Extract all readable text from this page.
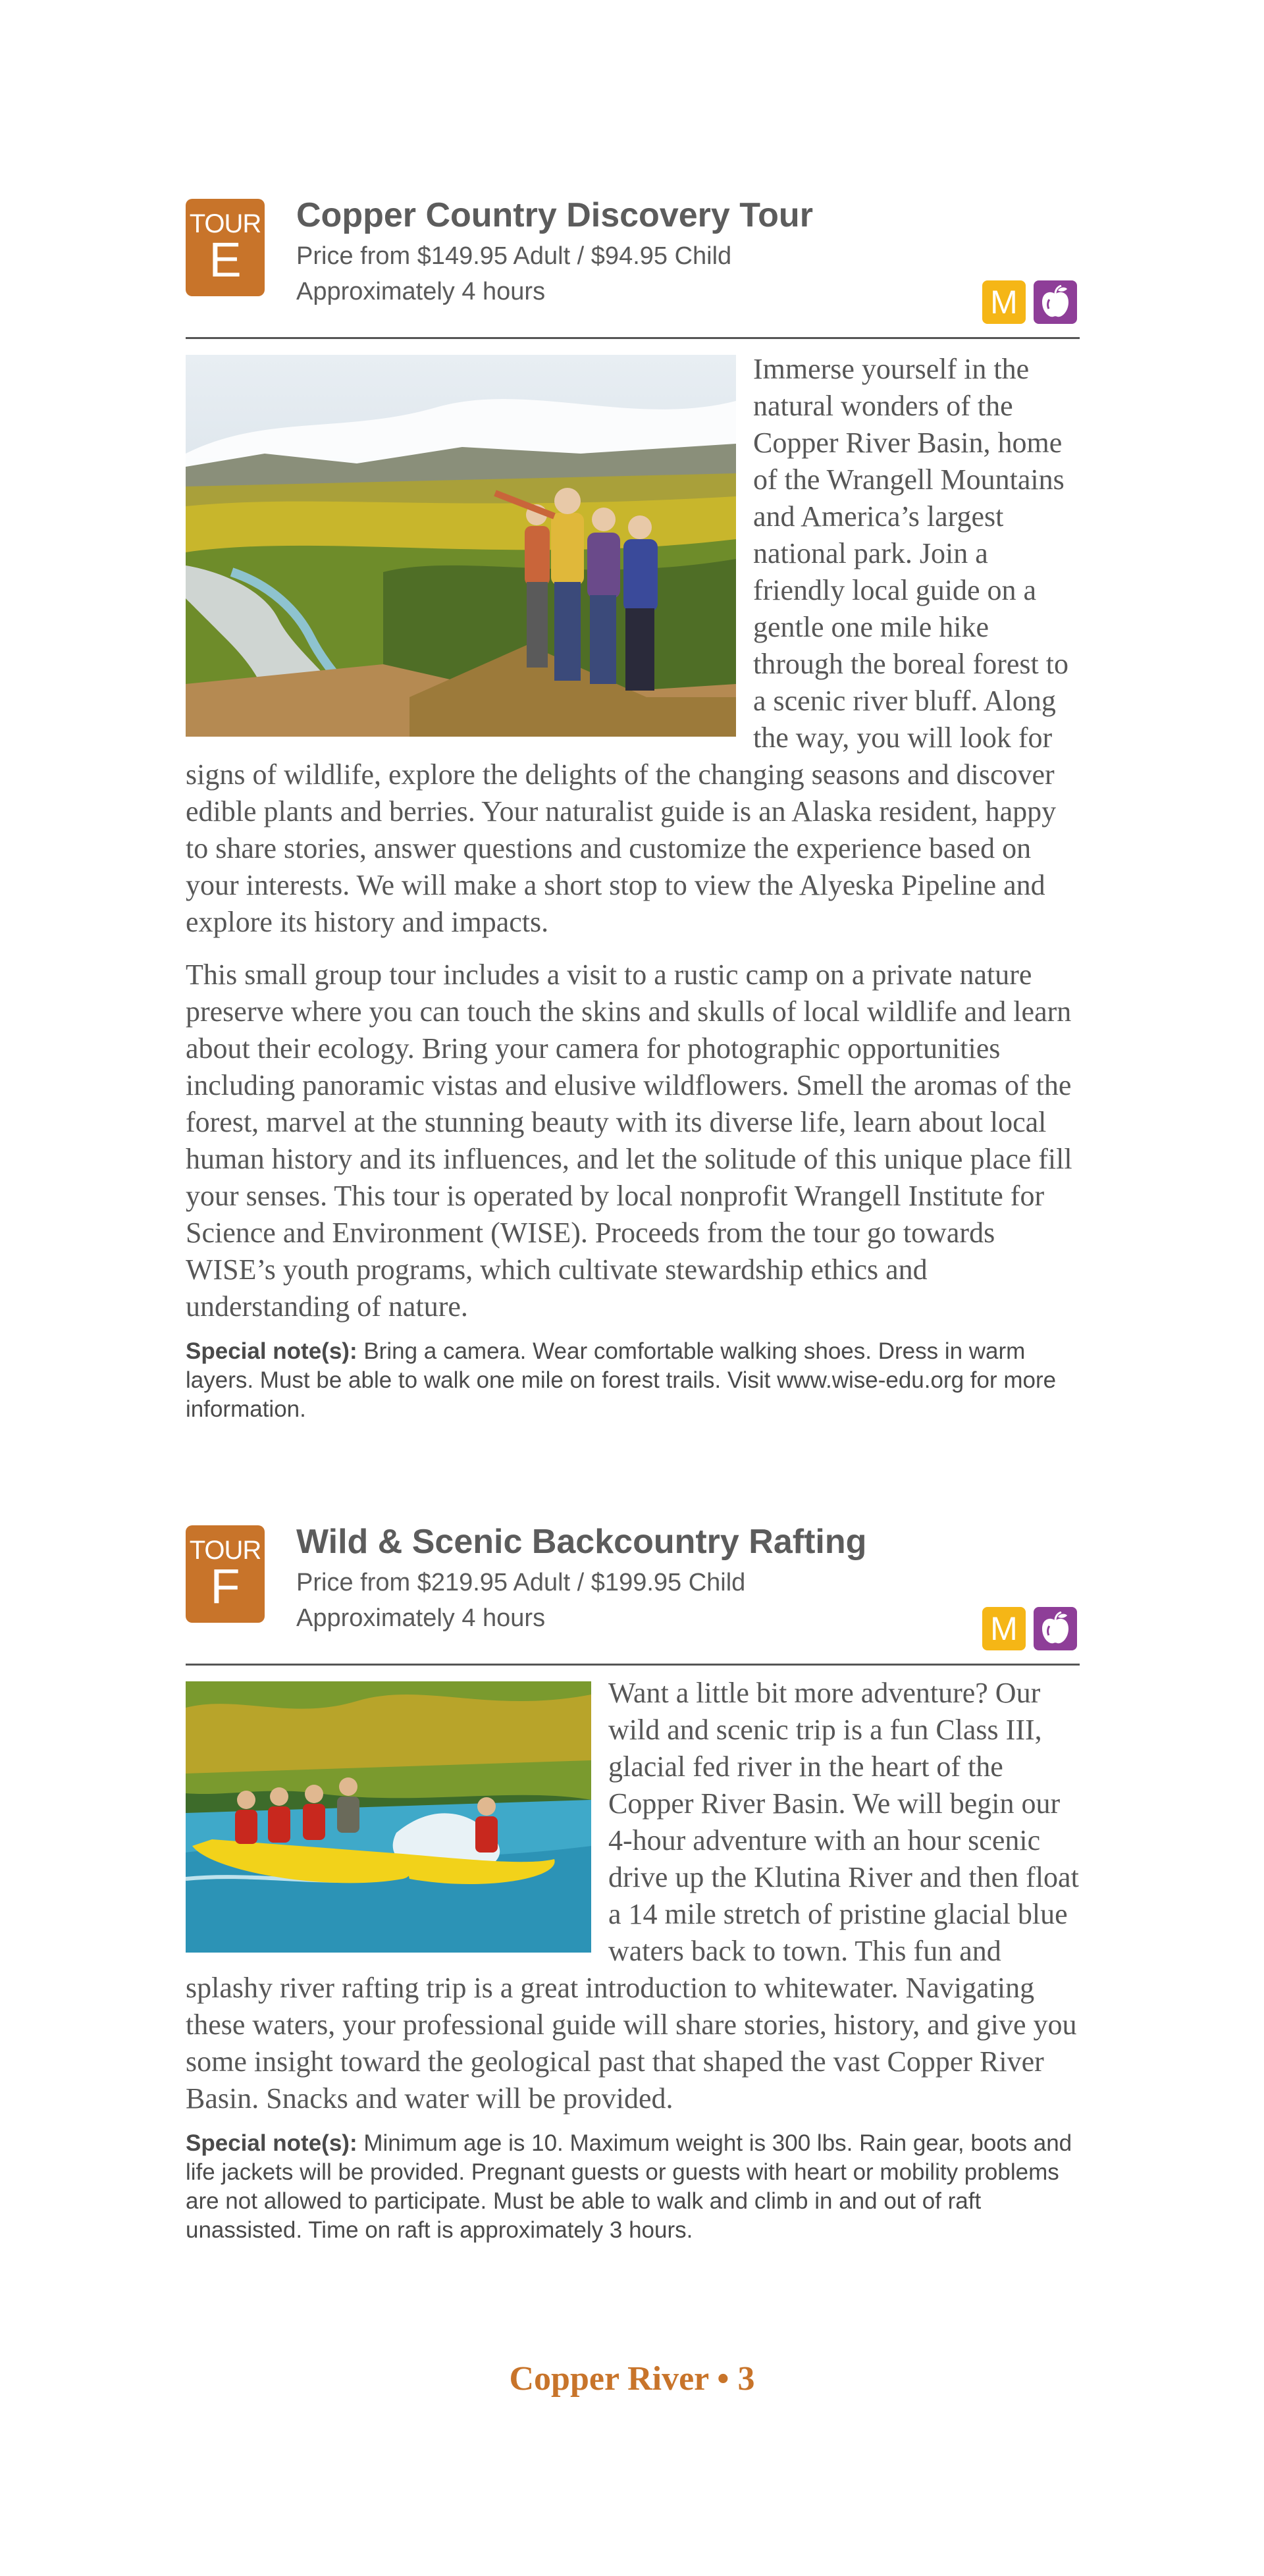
TOUR
E
Copper Country Discovery Tour

Price from $149.95 Adult / $94.95 Child

Approximately 4 hours	M

Immerse yourself in the natural wonders of the Copper River Basin, home of the Wrangell Mountains and America’s largest national park. Join a friendly local guide on a gentle one mile hike through the boreal forest to a scenic river bluff. Along the way, you will look for signs of wildlife, explore the delights of the changing seasons and discover edible plants and berries. Your naturalist guide is an Alaska resident, happy to share stories, answer questions and customize the experience based on your interests. We will make a short stop to view the Alyeska Pipeline and explore its history and impacts.

This small group tour includes a visit to a rustic camp on a private nature preserve where you can touch the skins and skulls of local wildlife and learn about their ecology. Bring your camera for photographic opportunities including panoramic vistas and elusive wildflowers. Smell the aromas of the forest, marvel at the stunning beauty with its diverse life, learn about local human history and its influences, and let the solitude of this unique place fill your senses. This tour is operated by local nonprofit Wrangell Institute for Science and Environment (WISE). Proceeds from the tour go towards WISE’s youth programs, which cultivate stewardship ethics and understanding of nature.

Special note(s): Bring a camera. Wear comfortable walking shoes. Dress in warm layers. Must be able to walk one mile on forest trails. Visit www.wise-edu.org for more information.

TOUR
F
Wild & Scenic Backcountry Rafting

Price from $219.95 Adult / $199.95 Child

Approximately 4 hours	M

Want a little bit more adventure? Our wild and scenic trip is a fun Class III, glacial fed river in the heart of the Copper River Basin. We will begin our 4-hour adventure with an hour scenic drive up the Klutina River and then float a 14 mile stretch of pristine glacial blue waters back to town. This fun and splashy river rafting trip is a great introduction to whitewater. Navigating these waters, your professional guide will share stories, history, and give you some insight toward the geological past that shaped the vast Copper River Basin. Snacks and water will be provided.

Special note(s): Minimum age is 10. Maximum weight is 300 lbs. Rain gear, boots and life jackets will be provided. Pregnant guests or guests with heart or mobility problems are not allowed to participate. Must be able to walk and climb in and out of raft unassisted. Time on raft is approximately 3 hours.

Copper River • 3
